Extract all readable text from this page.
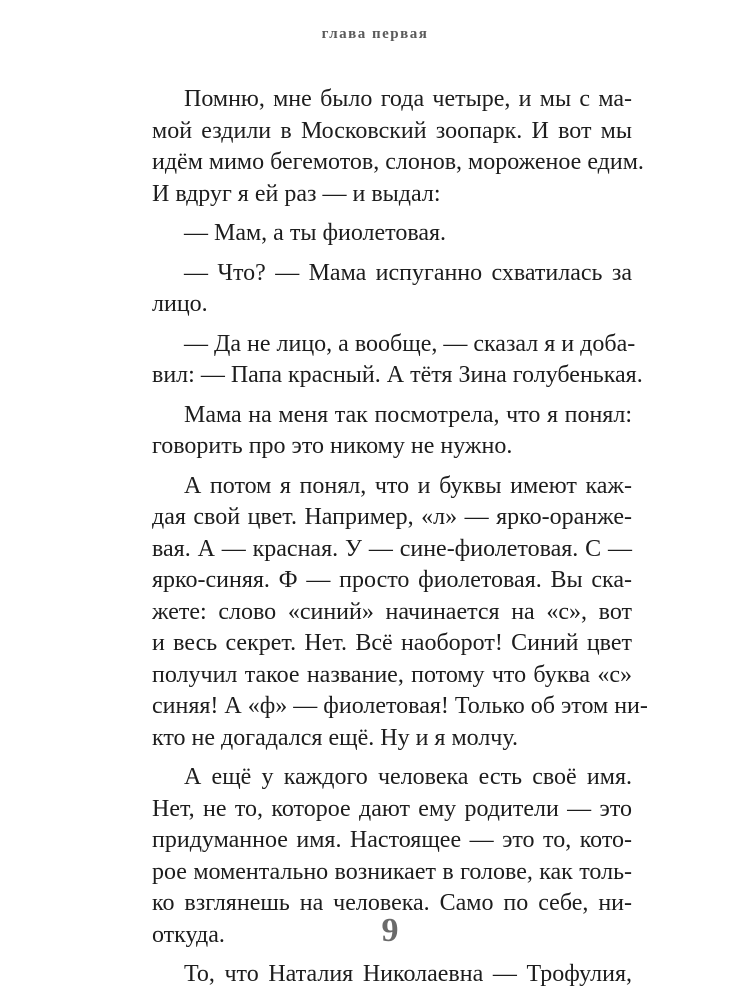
глава первая
Помню, мне было года четыре, и мы с ма-
мой ездили в Московский зоопарк. И вот мы
идём мимо бегемотов, слонов, мороженое едим.
И вдруг я ей раз — и выдал:
— Мам, а ты фиолетовая.
— Что? — Мама испуганно схватилась за
лицо.
— Да не лицо, а вообще, — сказал я и доба-
вил: — Папа красный. А тётя Зина голубенькая.
Мама на меня так посмотрела, что я понял:
говорить про это никому не нужно.
А потом я понял, что и буквы имеют каж-
дая свой цвет. Например, «л» — ярко-оранже-
вая. А — красная. У — сине-фиолетовая. С —
ярко-синяя. Ф — просто фиолетовая. Вы ска-
жете: слово «синий» начинается на «с», вот
и весь секрет. Нет. Всё наоборот! Синий цвет
получил такое название, потому что буква «с»
синяя! А «ф» — фиолетовая! Только об этом ни-
кто не догадался ещё. Ну и я молчу.
А ещё у каждого человека есть своё имя.
Нет, не то, которое дают ему родители — это
придуманное имя. Настоящее — это то, кото-
рое моментально возникает в голове, как толь-
ко взглянешь на человека. Само по себе, ни-
откуда.
То, что Наталия Николаевна — Трофулия,
9
